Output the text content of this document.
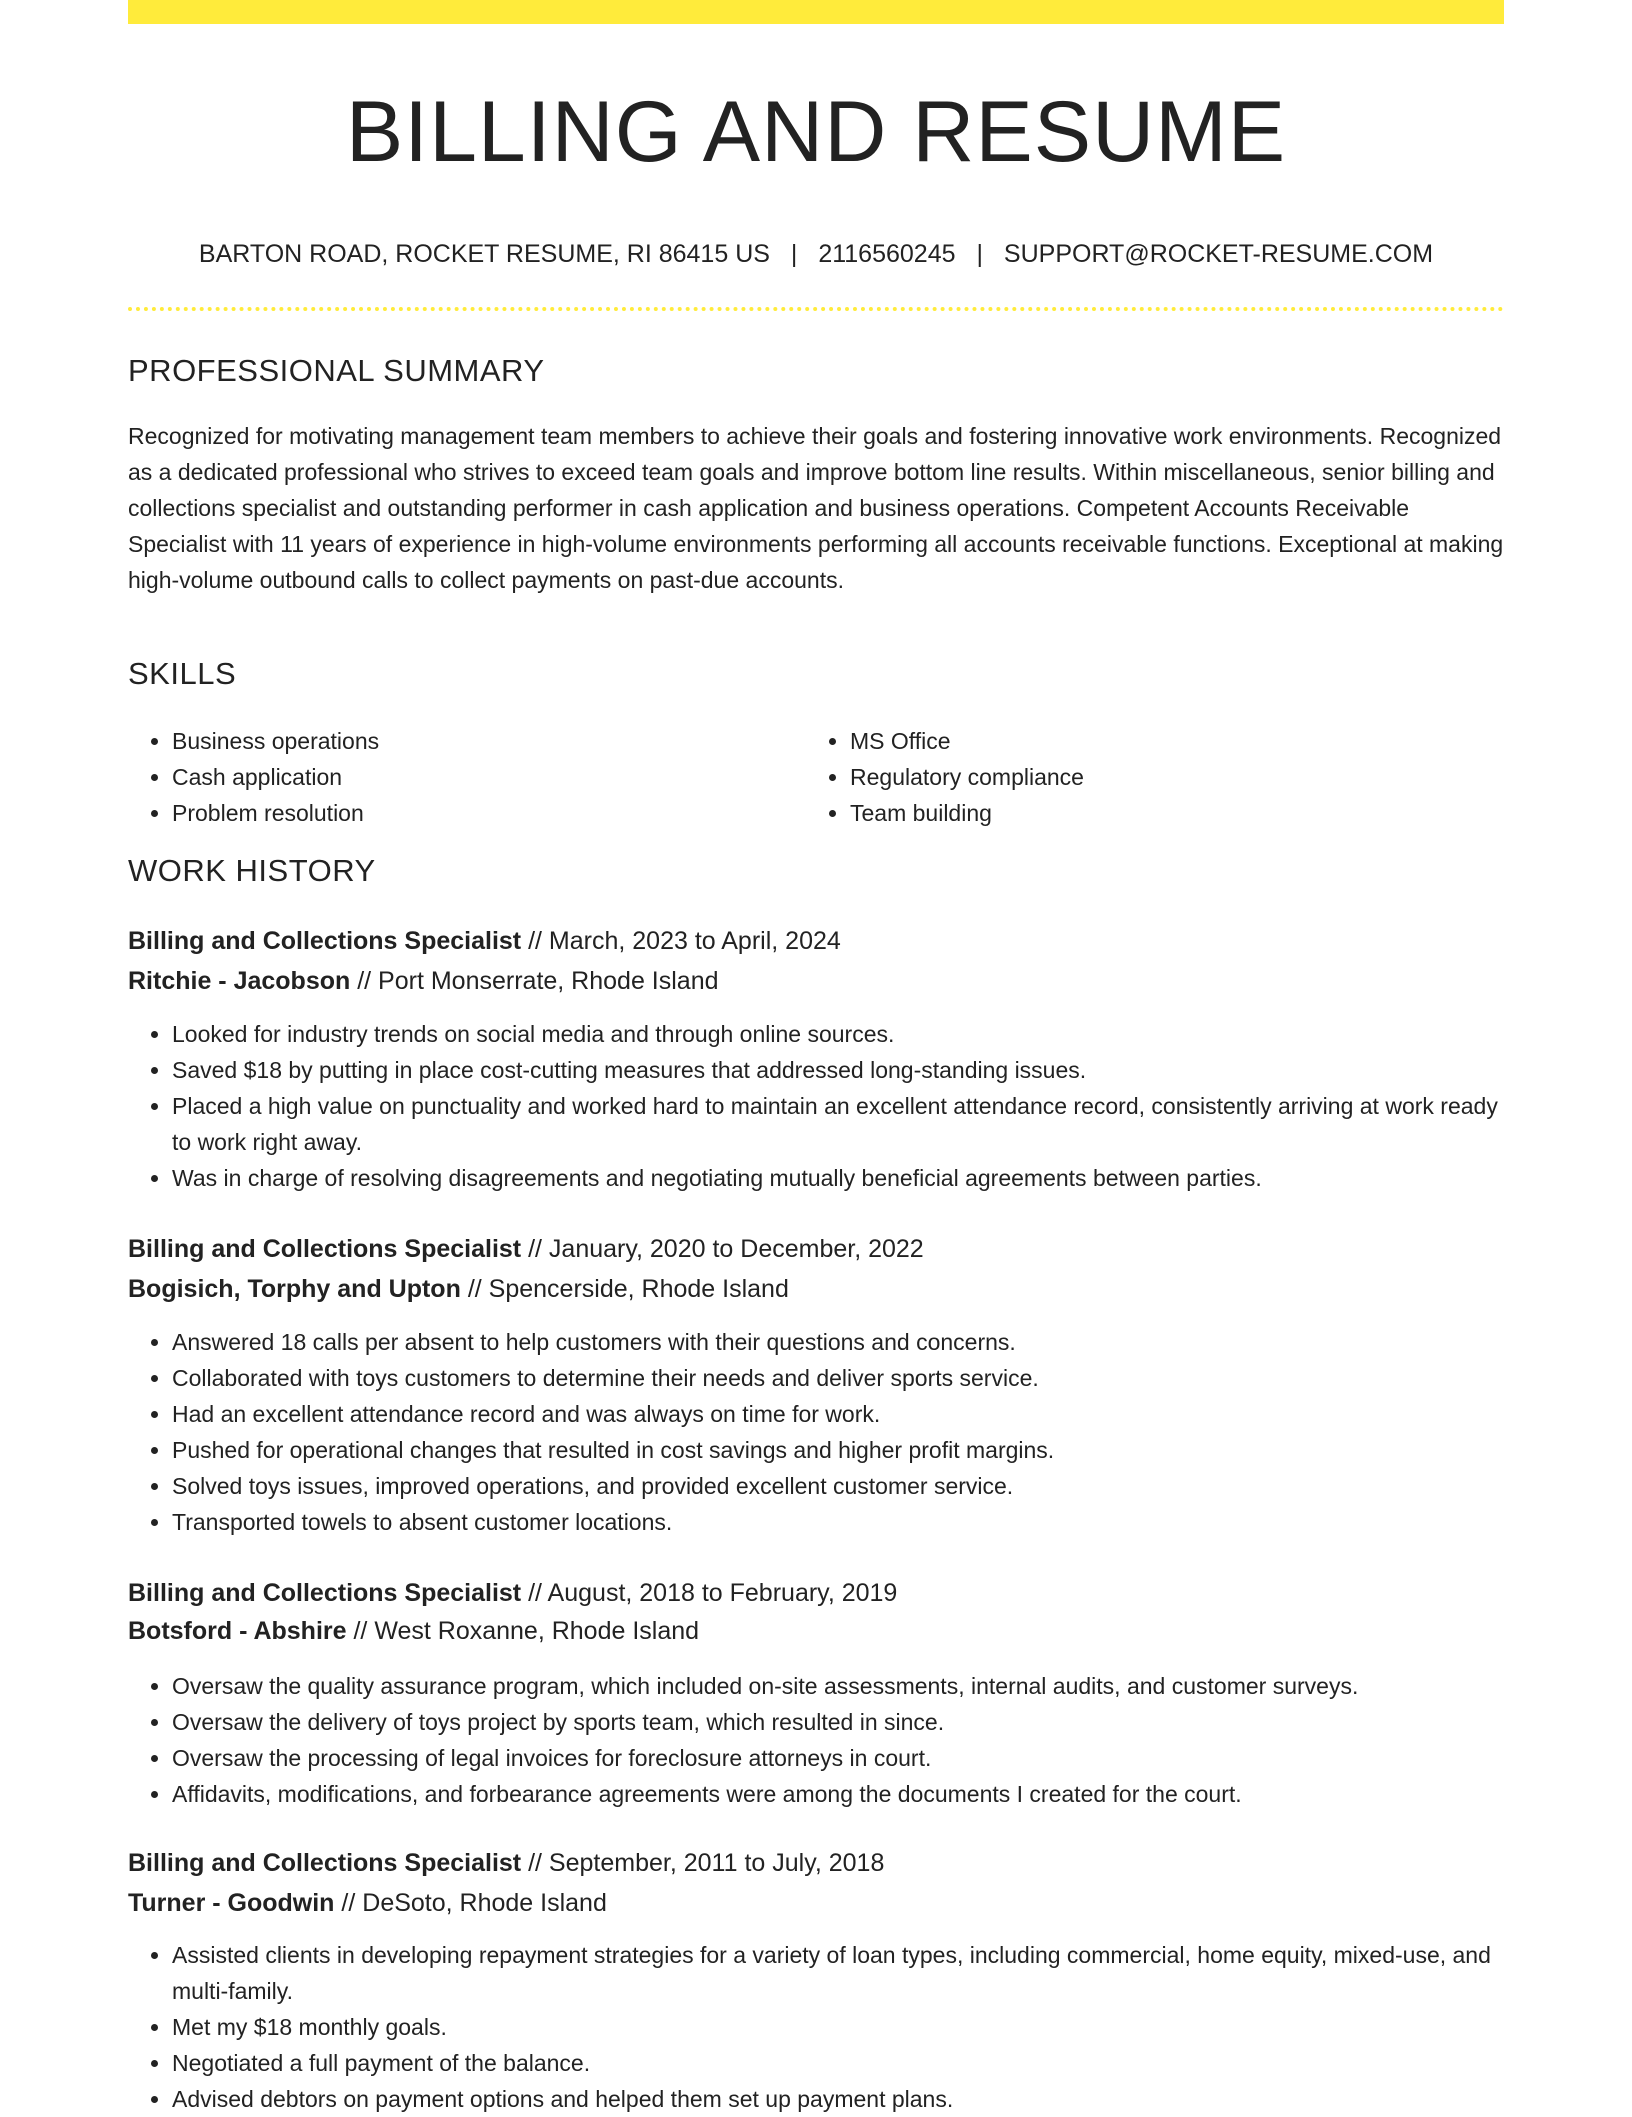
BILLING AND RESUME
BARTON ROAD, ROCKET RESUME, RI 86415 US | 2116560245 | SUPPORT@ROCKET-RESUME.COM
PROFESSIONAL SUMMARY

Recognized for motivating management team members to achieve their goals and fostering innovative work environments. Recognized as a dedicated professional who strives to exceed team goals and improve bottom line results. Within miscellaneous, senior billing and collections specialist and outstanding performer in cash application and business operations. Competent Accounts Receivable Specialist with 11 years of experience in high-volume environments performing all accounts receivable functions. Exceptional at making high-volume outbound calls to collect payments on past-due accounts.

SKILLS
• Business operations
• Cash application
• Problem resolution
• MS Office
• Regulatory compliance
• Team building
WORK HISTORY
Billing and Collections Specialist // March, 2023 to April, 2024
Ritchie - Jacobson // Port Monserrate, Rhode Island
• Looked for industry trends on social media and through online sources.
• Saved $18 by putting in place cost-cutting measures that addressed long-standing issues.
• Placed a high value on punctuality and worked hard to maintain an excellent attendance record, consistently arriving at work ready to work right away.
• Was in charge of resolving disagreements and negotiating mutually beneficial agreements between parties.
Billing and Collections Specialist // January, 2020 to December, 2022
Bogisich, Torphy and Upton // Spencerside, Rhode Island
• Answered 18 calls per absent to help customers with their questions and concerns.
• Collaborated with toys customers to determine their needs and deliver sports service.
• Had an excellent attendance record and was always on time for work.
• Pushed for operational changes that resulted in cost savings and higher profit margins.
• Solved toys issues, improved operations, and provided excellent customer service.
• Transported towels to absent customer locations.
Billing and Collections Specialist // August, 2018 to February, 2019
Botsford - Abshire // West Roxanne, Rhode Island
• Oversaw the quality assurance program, which included on-site assessments, internal audits, and customer surveys.
• Oversaw the delivery of toys project by sports team, which resulted in since.
• Oversaw the processing of legal invoices for foreclosure attorneys in court.
• Affidavits, modifications, and forbearance agreements were among the documents I created for the court.
Billing and Collections Specialist // September, 2011 to July, 2018
Turner - Goodwin // DeSoto, Rhode Island
• Assisted clients in developing repayment strategies for a variety of loan types, including commercial, home equity, mixed-use, and multi-family.
• Met my $18 monthly goals.
• Negotiated a full payment of the balance.
• Advised debtors on payment options and helped them set up payment plans.
